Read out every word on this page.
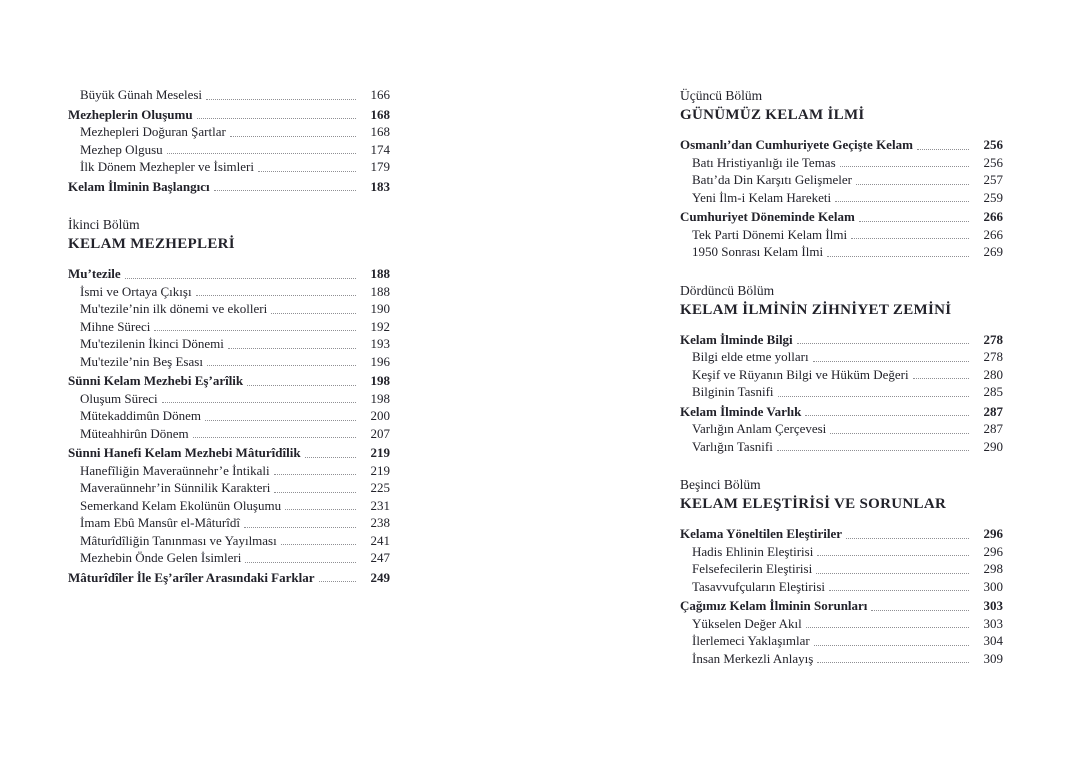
Büyük Günah Meselesi	166
Mezheplerin Oluşumu	168
Mezhepleri Doğuran Şartlar	168
Mezhep Olgusu	174
İlk Dönem Mezhepler ve İsimleri	179
Kelam İlminin Başlangıcı	183
İkinci Bölüm
KELAM MEZHEPLERİ
Mu’tezile	188
İsmi ve Ortaya Çıkışı	188
Mu'tezile’nin ilk dönemi ve ekolleri	190
Mihne Süreci	192
Mu'tezilenin İkinci Dönemi	193
Mu'tezile’nin Beş Esası	196
Sünni Kelam Mezhebi Eş’arîlik	198
Oluşum Süreci	198
Mütekaddimûn Dönem	200
Müteahhirûn Dönem	207
Sünni Hanefi Kelam Mezhebi Mâturîdîlik	219
Hanefîliğin Maveraünnehr’e İntikali	219
Maveraünnehr’in Sünnilik Karakteri	225
Semerkand Kelam Ekolünün Oluşumu	231
İmam Ebû Mansûr el-Mâturîdî	238
Mâturîdîliğin Tanınması ve Yayılması	241
Mezhebin Önde Gelen İsimleri	247
Mâturîdîler İle Eş’arîler Arasındaki Farklar	249
Üçüncü Bölüm
GÜNÜMÜZ KELAM İLMİ
Osmanlı’dan Cumhuriyete Geçişte Kelam	256
Batı Hristiyanlığı ile Temas	256
Batı’da Din Karşıtı Gelişmeler	257
Yeni İlm-i Kelam Hareketi	259
Cumhuriyet Döneminde Kelam	266
Tek Parti Dönemi Kelam İlmi	266
1950 Sonrası Kelam İlmi	269
Dördüncü Bölüm
KELAM İLMİNİN ZİHNİYET ZEMİNİ
Kelam İlminde Bilgi	278
Bilgi elde etme yolları	278
Keşif ve Rüyanın Bilgi ve Hüküm Değeri	280
Bilginin Tasnifi	285
Kelam İlminde Varlık	287
Varlığın Anlam Çerçevesi	287
Varlığın Tasnifi	290
Beşinci Bölüm
KELAM ELEŞTİRİSİ VE SORUNLAR
Kelama Yöneltilen Eleştiriler	296
Hadis Ehlinin Eleştirisi	296
Felsefecilerin Eleştirisi	298
Tasavvufçuların Eleştirisi	300
Çağımız Kelam İlminin Sorunları	303
Yükselen Değer Akıl	303
İlerlemeci Yaklaşımlar	304
İnsan Merkezli Anlayış	309
